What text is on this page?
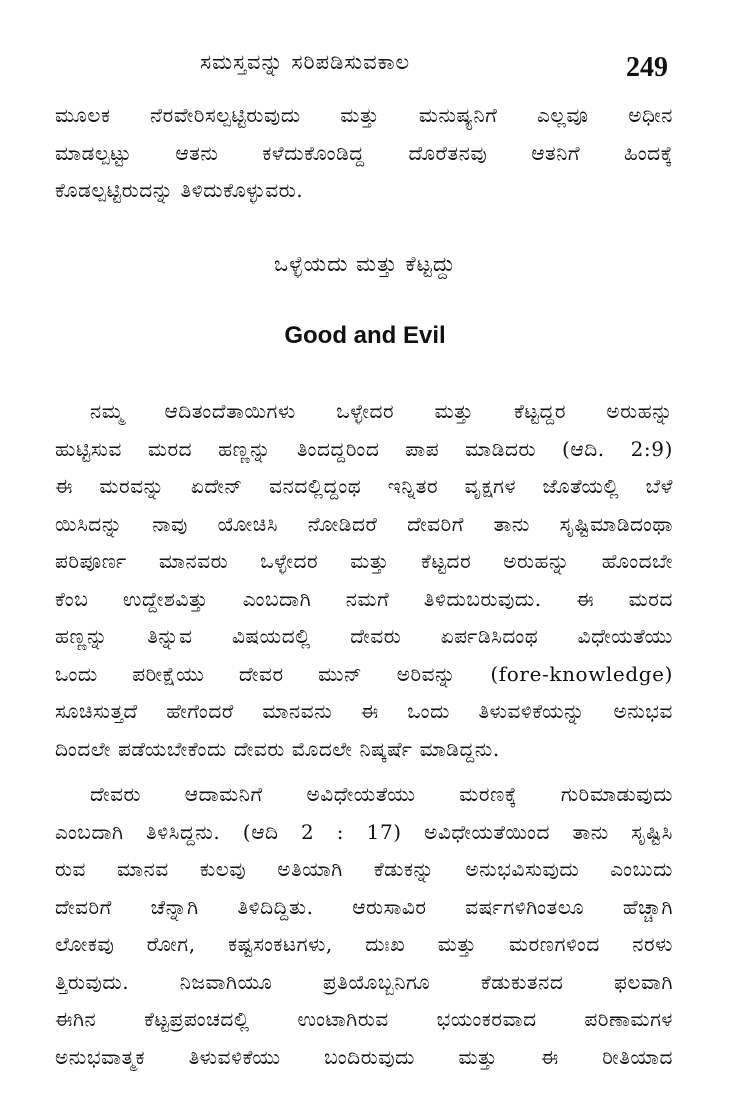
ಸಮಸ್ತವನ್ನು ಸರಿಪಡಿಸುವಕಾಲ	249
ಮೂಲಕ ನೆರವೇರಿಸಲ್ಪಟ್ಟಿರುವುದು ಮತ್ತು ಮನುಷ್ಯನಿಗೆ ಎಲ್ಲವೂ ಅಧೀನ
ಮಾಡಲ್ಪಟ್ಟು ಆತನು ಕಳೆದುಕೊಂಡಿದ್ದ ದೊರೆತನವು ಆತನಿಗೆ ಹಿಂದಕ್ಕೆ
ಕೊಡಲ್ಪಟ್ಟಿರುದನ್ನು ತಿಳಿದುಕೊಳ್ಳುವರು.
ಒಳ್ಳೆಯದು ಮತ್ತು ಕೆಟ್ಟದ್ದು
Good and Evil
ನಮ್ಮ ಆದಿತಂದೆತಾಯಿಗಳು ಒಳ್ಳೇದರ ಮತ್ತು ಕೆಟ್ಟದ್ದರ ಅರುಹನ್ನು
ಹುಟ್ಟಿಸುವ ಮರದ ಹಣ್ಣನ್ನು ತಿಂದದ್ದರಿಂದ ಪಾಪ ಮಾಡಿದರು (ಆದಿ. 2:9)
ಈ ಮರವನ್ನು ಏದೇನ್ ವನದಲ್ಲಿದ್ದಂಥ ಇನ್ನಿತರ ವೃಕ್ಷಗಳ ಜೊತೆಯಲ್ಲಿ ಬೆಳೆ
ಯಿಸಿದನ್ನು ನಾವು ಯೋಚಿಸಿ ನೋಡಿದರೆ ದೇವರಿಗೆ ತಾನು ಸೃಷ್ಟಿಮಾಡಿದಂಥಾ
ಪರಿಪೂರ್ಣ ಮಾನವರು ಒಳ್ಳೇದರ ಮತ್ತು ಕೆಟ್ಟದರ ಅರುಹನ್ನು ಹೊಂದಬೇ
ಕೆಂಬ ಉದ್ದೇಶವಿತ್ತು ಎಂಬದಾಗಿ ನಮಗೆ ತಿಳಿದುಬರುವುದು. ಈ ಮರದ
ಹಣ್ಣನ್ನು ತಿನ್ನುವ ವಿಷಯದಲ್ಲಿ ದೇವರು ಏರ್ಪಡಿಸಿದಂಥ ವಿಧೇಯತೆಯು
ಒಂದು ಪರೀಕ್ಷೆಯು ದೇವರ ಮುನ್ ಅರಿವನ್ನು (fore-knowledge)
ಸೂಚಿಸುತ್ತದೆ ಹೇಗೆಂದರೆ ಮಾನವನು ಈ ಒಂದು ತಿಳುವಳಿಕೆಯನ್ನು ಅನುಭವ
ದಿಂದಲೇ ಪಡೆಯಬೇಕೆಂದು ದೇವರು ಮೊದಲೇ ನಿಷ್ಕರ್ಷೆ ಮಾಡಿದ್ದನು.
ದೇವರು ಆದಾಮನಿಗೆ ಅವಿಧೇಯತೆಯು ಮರಣಕ್ಕೆ ಗುರಿಮಾಡುವುದು
ಎಂಬದಾಗಿ ತಿಳಿಸಿದ್ದನು. (ಆದಿ 2 : 17) ಅವಿಧೇಯತೆಯಿಂದ ತಾನು ಸೃಷ್ಟಿಸಿ
ರುವ ಮಾನವ ಕುಲವು ಅತಿಯಾಗಿ ಕೆಡುಕನ್ನು ಅನುಭವಿಸುವುದು ಎಂಬುದು
ದೇವರಿಗೆ ಚೆನ್ನಾಗಿ ತಿಳಿದಿದ್ದಿತು. ಆರುಸಾವಿರ ವರ್ಷಗಳಿಗಿಂತಲೂ ಹೆಚ್ಚಾಗಿ
ಲೋಕವು ರೋಗ, ಕಷ್ಟಸಂಕಟಗಳು, ದುಃಖ ಮತ್ತು ಮರಣಗಳಿಂದ ನರಳು
ತ್ತಿರುವುದು. ನಿಜವಾಗಿಯೂ ಪ್ರತಿಯೊಬ್ಬನಿಗೂ ಕೆಡುಕುತನದ ಫಲವಾಗಿ
ಈಗಿನ ಕೆಟ್ಟಪ್ರಪಂಚದಲ್ಲಿ ಉಂಟಾಗಿರುವ ಭಯಂಕರವಾದ ಪರಿಣಾಮಗಳ
ಅನುಭವಾತ್ಮಕ ತಿಳುವಳಿಕೆಯು ಬಂದಿರುವುದು ಮತ್ತು ಈ ರೀತಿಯಾದ
